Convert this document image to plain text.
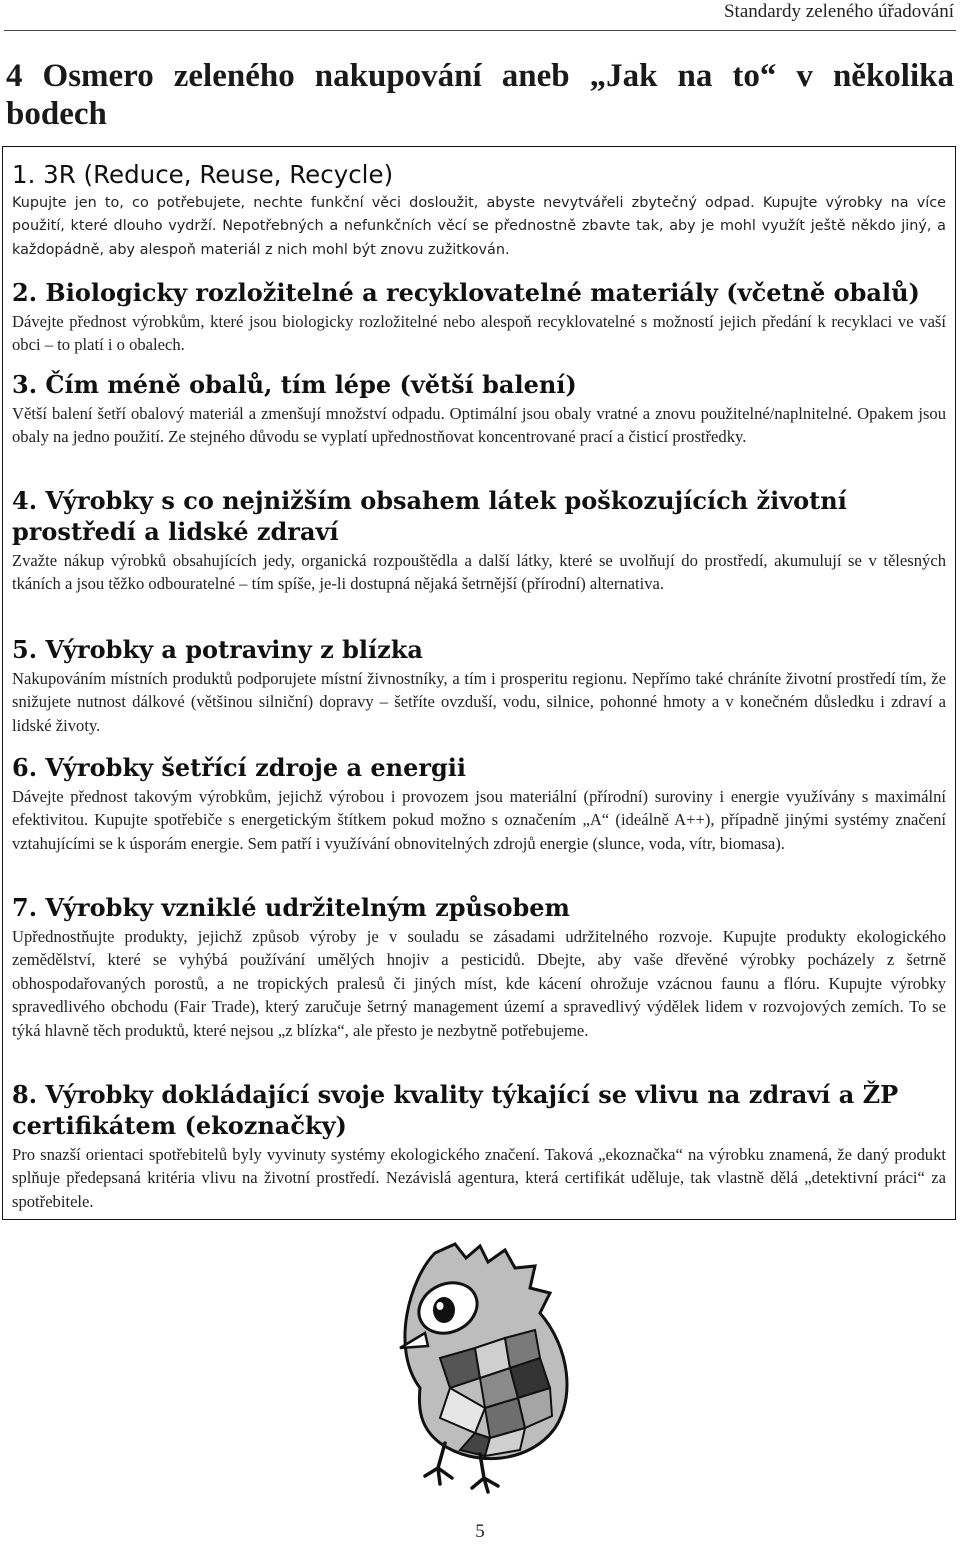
Standardy zeleného úřadování
4 Osmero zeleného nakupování aneb „Jak na to“ v několika bodech
1. 3R (Reduce, Reuse, Recycle)

Kupujte jen to, co potřebujete, nechte funkční věci dosloužit, abyste nevytvářeli zbytečný odpad. Kupujte výrobky na více použití, které dlouho vydrží. Nepotřebných a nefunkčních věcí se přednostně zbavte tak, aby je mohl využít ještě někdo jiný, a každopádně, aby alespoň materiál z nich mohl být znovu zužitkován.

2. Biologicky rozložitelné a recyklovatelné materiály (včetně obalů)

Dávejte přednost výrobkům, které jsou biologicky rozložitelné nebo alespoň recyklovatelné s možností jejich předání k recyklaci ve vaší obci – to platí i o obalech.

3. Čím méně obalů, tím lépe (větší balení)

Větší balení šetří obalový materiál a zmenšují množství odpadu. Optimální jsou obaly vratné a znovu použitelné/naplnitelné. Opakem jsou obaly na jedno použití. Ze stejného důvodu se vyplatí upřednostňovat koncentrované prací a čisticí prostředky.

4. Výrobky s co nejnižším obsahem látek poškozujících životní prostředí a lidské zdraví

Zvažte nákup výrobků obsahujících jedy, organická rozpouštědla a další látky, které se uvolňují do prostředí, akumulují se v tělesných tkáních a jsou těžko odbouratelné – tím spíše, je-li dostupná nějaká šetrnější (přírodní) alternativa.

5. Výrobky a potraviny z blízka

Nakupováním místních produktů podporujete místní živnostníky, a tím i prosperitu regionu. Nepřímo také chráníte životní prostředí tím, že snižujete nutnost dálkové (většinou silniční) dopravy – šetříte ovzduší, vodu, silnice, pohonné hmoty a v konečném důsledku i zdraví a lidské životy.

6. Výrobky šetřící zdroje a energii

Dávejte přednost takovým výrobkům, jejichž výrobou i provozem jsou materiální (přírodní) suroviny i energie využívány s maximální efektivitou. Kupujte spotřebiče s energetickým štítkem pokud možno s označením „A“ (ideálně A++), případně jinými systémy značení vztahujícími se k úsporám energie. Sem patří i využívání obnovitelných zdrojů energie (slunce, voda, vítr, biomasa).

7. Výrobky vzniklé udržitelným způsobem

Upřednostňujte produkty, jejichž způsob výroby je v souladu se zásadami udržitelného rozvoje. Kupujte produkty ekologického zemědělství, které se vyhýbá používání umělých hnojiv a pesticidů. Dbejte, aby vaše dřevěné výrobky pocházely z šetrně obhospodařovaných porostů, a ne tropických pralesů či jiných míst, kde kácení ohrožuje vzácnou faunu a flóru. Kupujte výrobky spravedlivého obchodu (Fair Trade), který zaručuje šetrný management území a spravedlivý výdělek lidem v rozvojových zemích. To se týká hlavně těch produktů, které nejsou „z blízka“, ale přesto je nezbytně potřebujeme.

8. Výrobky dokládající svoje kvality týkající se vlivu na zdraví a ŽP certifikátem (ekoznačky)

Pro snazší orientaci spotřebitelů byly vyvinuty systémy ekologického značení. Taková „ekoznačka“ na výrobku znamená, že daný produkt splňuje předepsaná kritéria vlivu na životní prostředí. Nezávislá agentura, která certifikát uděluje, tak vlastně dělá „detektivní práci“ za spotřebitele.

5
